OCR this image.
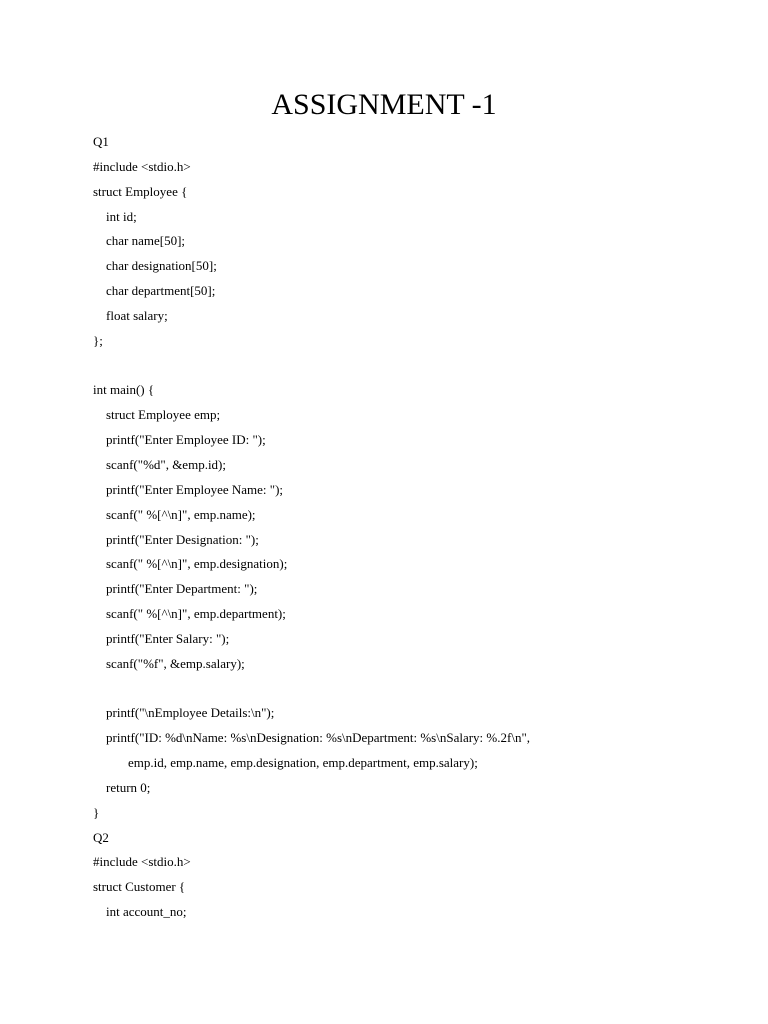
ASSIGNMENT -1
Q1
#include <stdio.h>
struct Employee {
int id;
char name[50];
char designation[50];
char department[50];
float salary;
};
int main() {
struct Employee emp;
printf("Enter Employee ID: ");
scanf("%d", &emp.id);
printf("Enter Employee Name: ");
scanf(" %[^\n]", emp.name);
printf("Enter Designation: ");
scanf(" %[^\n]", emp.designation);
printf("Enter Department: ");
scanf(" %[^\n]", emp.department);
printf("Enter Salary: ");
scanf("%f", &emp.salary);
printf("\nEmployee Details:\n");
printf("ID: %d\nName: %s\nDesignation: %s\nDepartment: %s\nSalary: %.2f\n",
emp.id, emp.name, emp.designation, emp.department, emp.salary);
return 0;
}
Q2
#include <stdio.h>
struct Customer {
int account_no;
